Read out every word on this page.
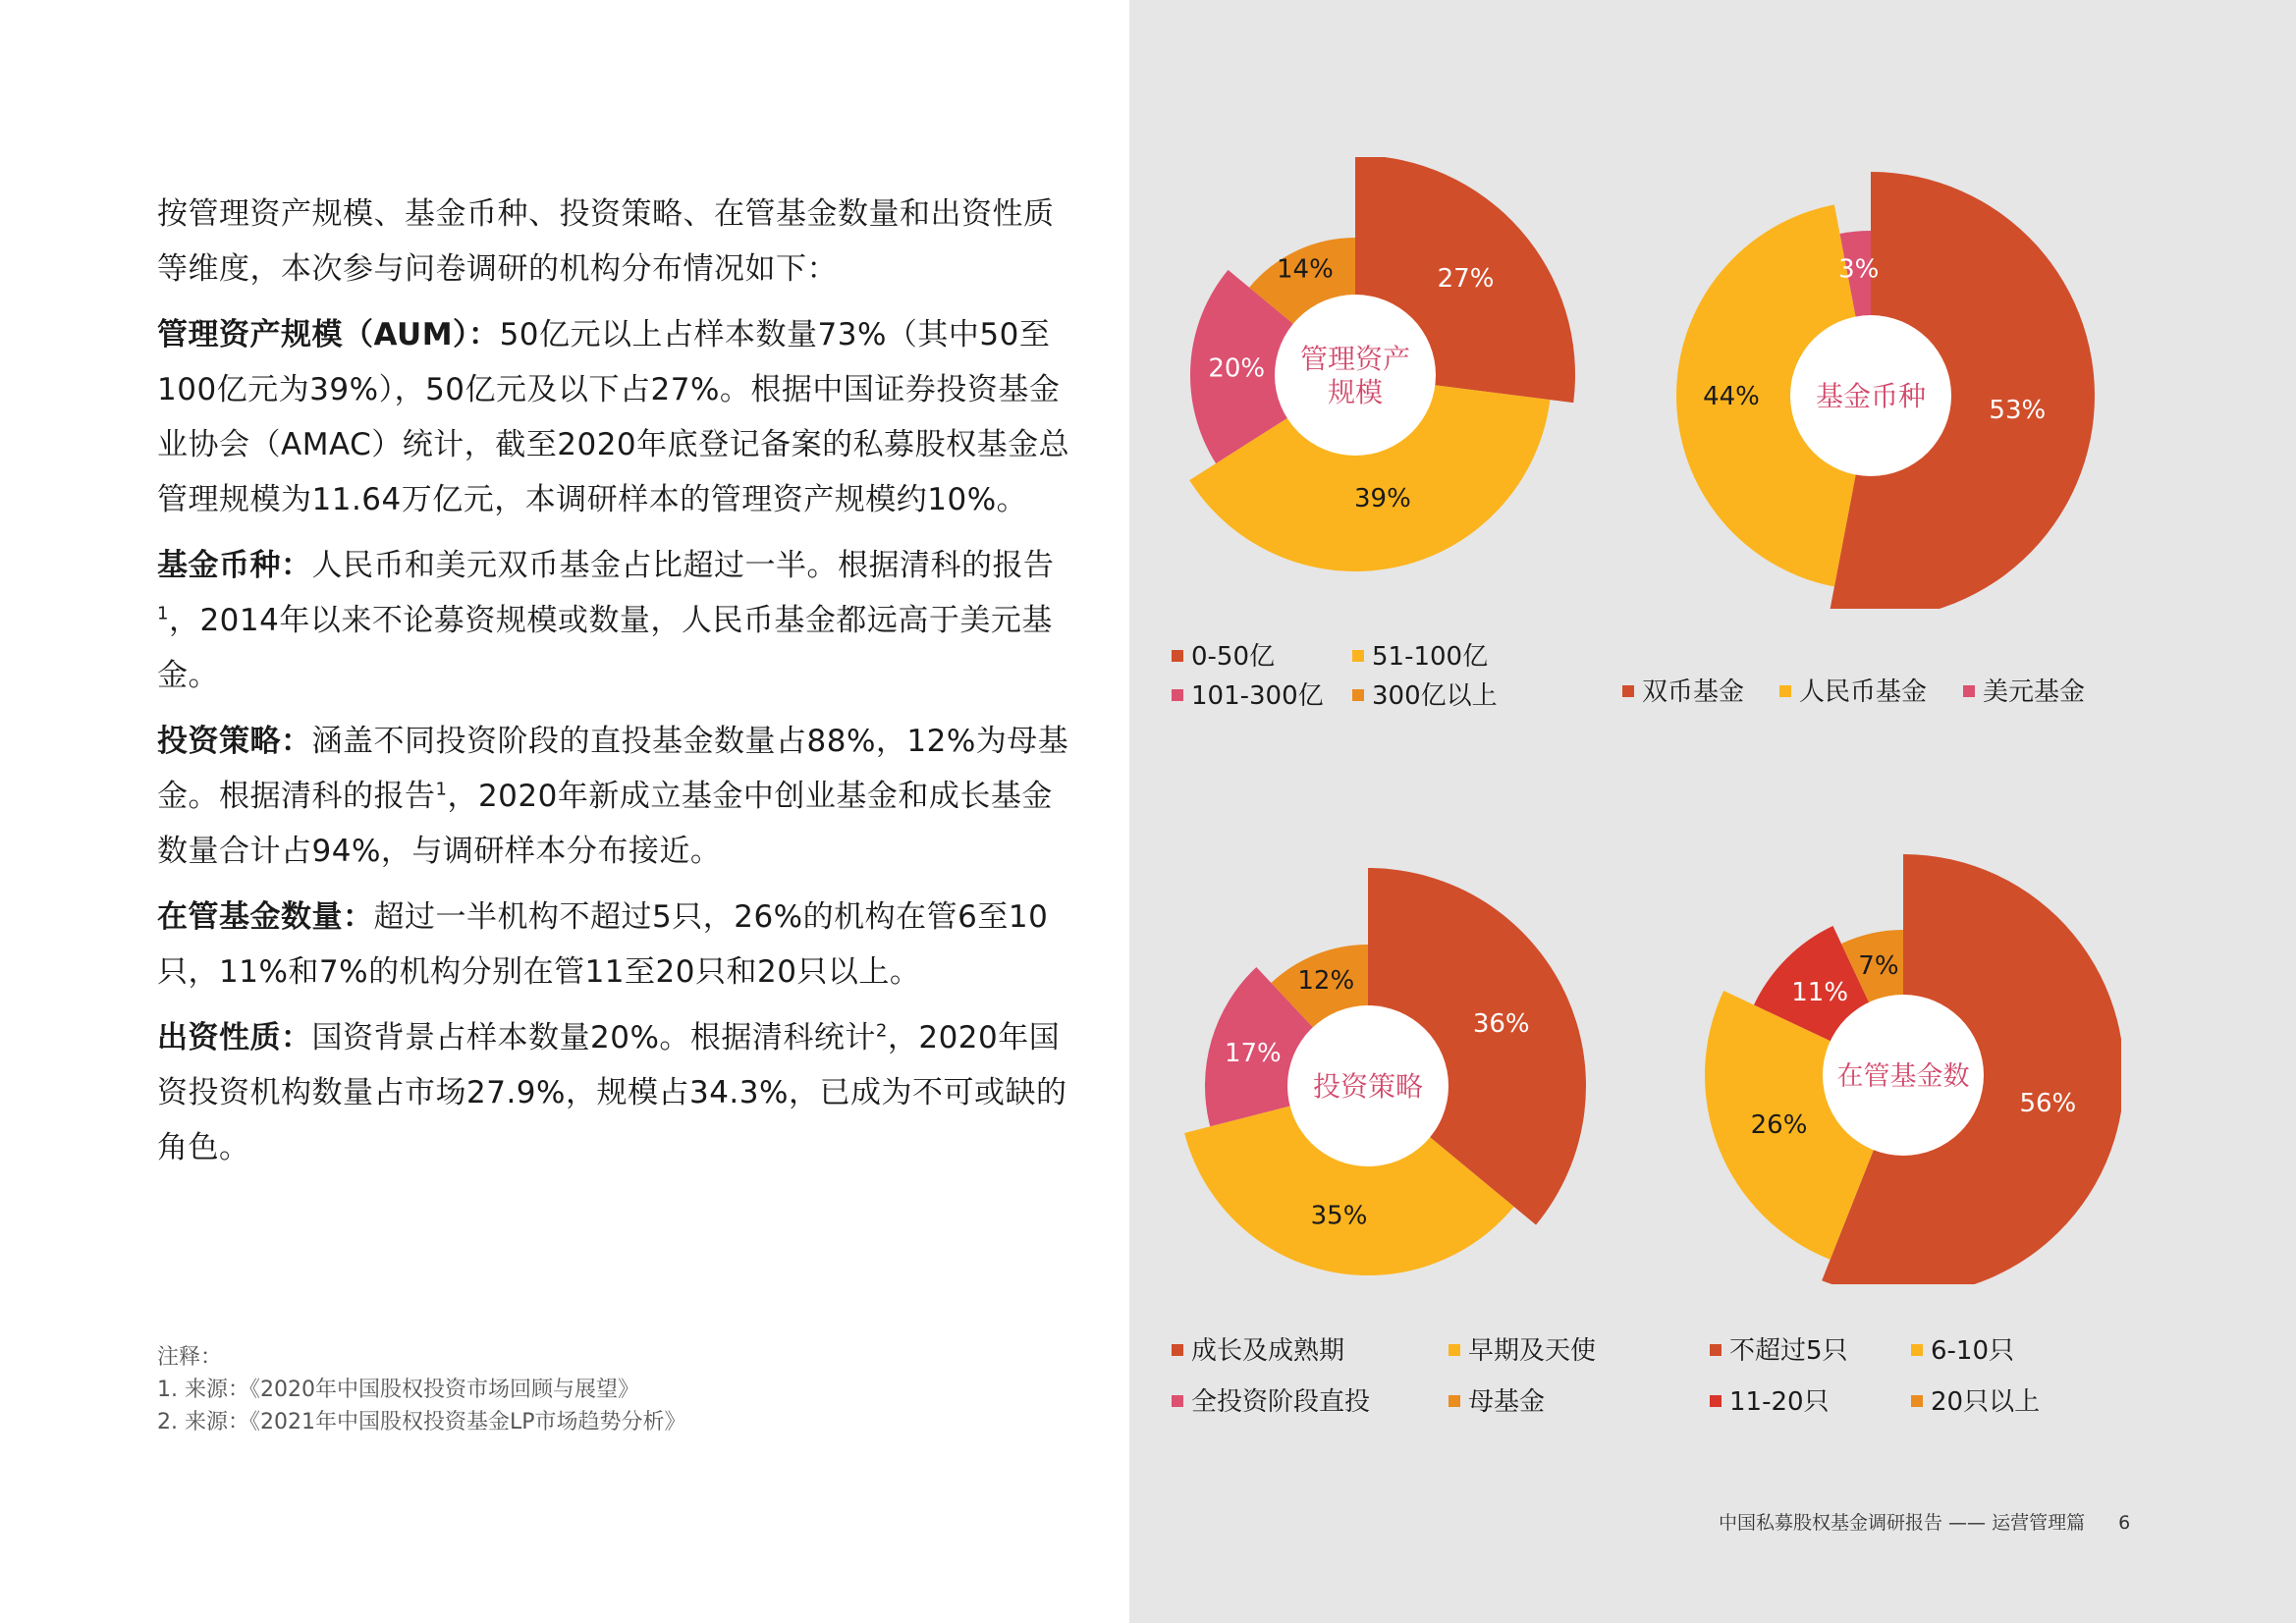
按管理资产规模、基金币种、投资策略、在管基金数量和出资性质等维度，本次参与问卷调研的机构分布情况如下：

管理资产规模（AUM）：50亿元以上占样本数量73%（其中50至100亿元为39%），50亿元及以下占27%。根据中国证券投资基金业协会（AMAC）统计，截至2020年底登记备案的私募股权基金总管理规模为11.64万亿元，本调研样本的管理资产规模约10%。

基金币种：人民币和美元双币基金占比超过一半。根据清科的报告$^1$，2014年以来不论募资规模或数量，人民币基金都远高于美元基金。

投资策略：涵盖不同投资阶段的直投基金数量占88%，12%为母基金。根据清科的报告$^1$，2020年新成立基金中创业基金和成长基金数量合计占94%，与调研样本分布接近。

在管基金数量：超过一半机构不超过5只，26%的机构在管6至10只，11%和7%的机构分别在管11至20只和20只以上。

出资性质：国资背景占样本数量20%。根据清科统计$^2$，2020年国资投资机构数量占市场27.9%，规模占34.3%，已成为不可或缺的角色。

注释：
1. 来源：《2020年中国股权投资市场回顾与展望》
2. 来源：《2021年中国股权投资基金LP市场趋势分析》
27%
39%
20%
14%
管理资产
规模
53%
44%
3%
基金币种
36%
35%
17%
12%
投资策略
56%
26%
11%
7%
在管基金数
0-50亿	51-100亿
101-300亿	300亿以上	双币基金	人民币基金	美元基金
成长及成熟期	早期及天使
全投资阶段直投	母基金
不超过5只	6-10只
11-20只	20只以上
中国私募股权基金调研报告 —— 运营管理篇 6
